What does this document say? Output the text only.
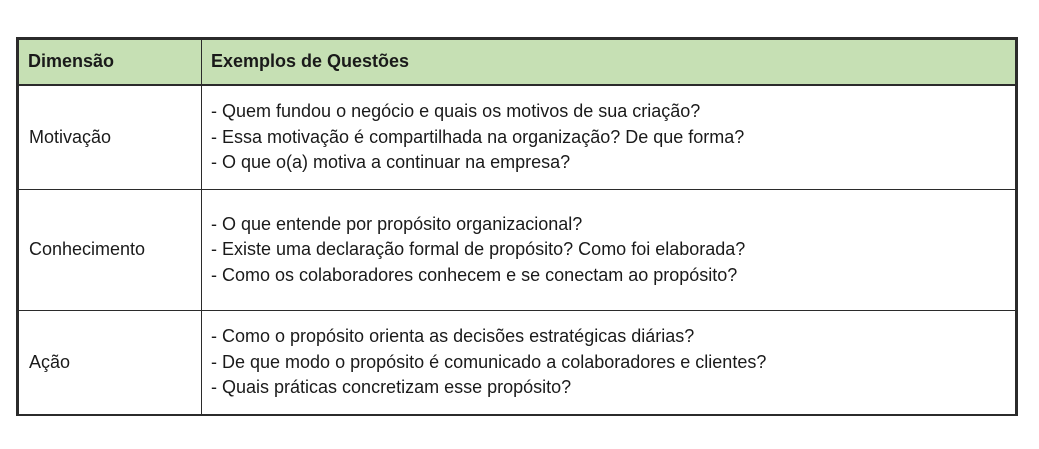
Dimensão	Exemplos de Questões
Motivação	- Quem fundou o negócio e quais os motivos de sua criação?
- Essa motivação é compartilhada na organização? De que forma?
- O que o(a) motiva a continuar na empresa?

Conhecimento	- O que entende por propósito organizacional?
- Existe uma declaração formal de propósito? Como foi elaborada?
- Como os colaboradores conhecem e se conectam ao propósito?

Ação	- Como o propósito orienta as decisões estratégicas diárias?
- De que modo o propósito é comunicado a colaboradores e clientes?
- Quais práticas concretizam esse propósito?
